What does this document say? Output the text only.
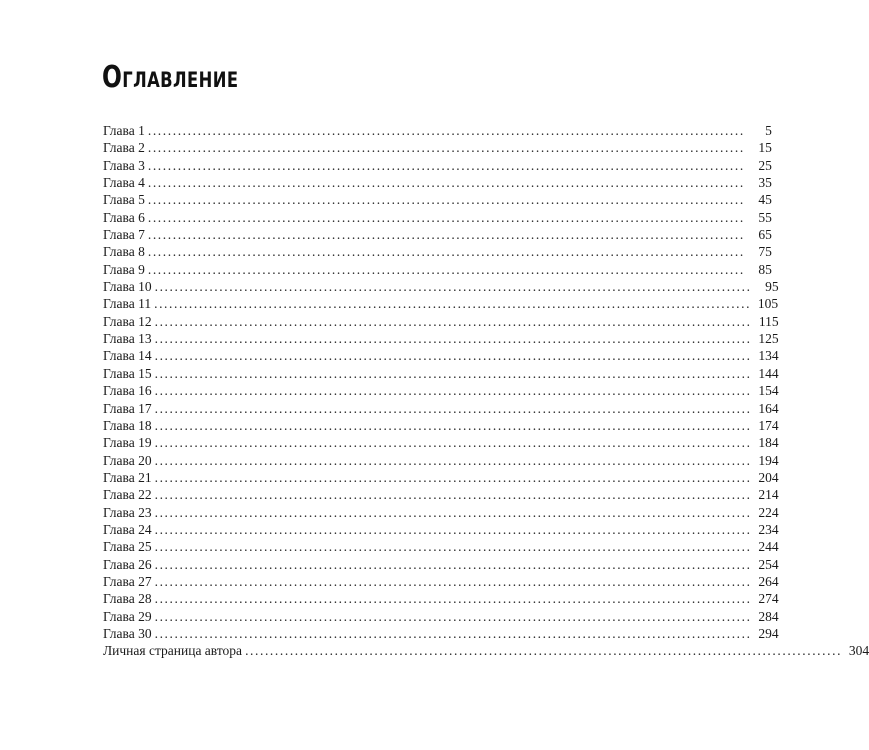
Оглавление
Глава 1 ........................................................................................................................	5
Глава 2 ........................................................................................................................	15
Глава 3 ........................................................................................................................	25
Глава 4 ........................................................................................................................	35
Глава 5 ........................................................................................................................	45
Глава 6 ........................................................................................................................	55
Глава 7 ........................................................................................................................	65
Глава 8 ........................................................................................................................	75
Глава 9 ........................................................................................................................	85
Глава 10 ........................................................................................................................	95
Глава 11 ........................................................................................................................ 105
Глава 12 ........................................................................................................................ 115
Глава 13 ........................................................................................................................ 125
Глава 14 ........................................................................................................................ 134
Глава 15 ........................................................................................................................ 144
Глава 16 ........................................................................................................................ 154
Глава 17 ........................................................................................................................ 164
Глава 18 ........................................................................................................................ 174
Глава 19 ........................................................................................................................ 184
Глава 20 ........................................................................................................................ 194
Глава 21 ........................................................................................................................ 204
Глава 22 ........................................................................................................................ 214
Глава 23 ........................................................................................................................ 224
Глава 24 ........................................................................................................................ 234
Глава 25 ........................................................................................................................ 244
Глава 26 ........................................................................................................................ 254
Глава 27 ........................................................................................................................ 264
Глава 28 ........................................................................................................................ 274
Глава 29 ........................................................................................................................ 284
Глава 30 ........................................................................................................................ 294
Личная страница автора ........................................................................................................................ 304
